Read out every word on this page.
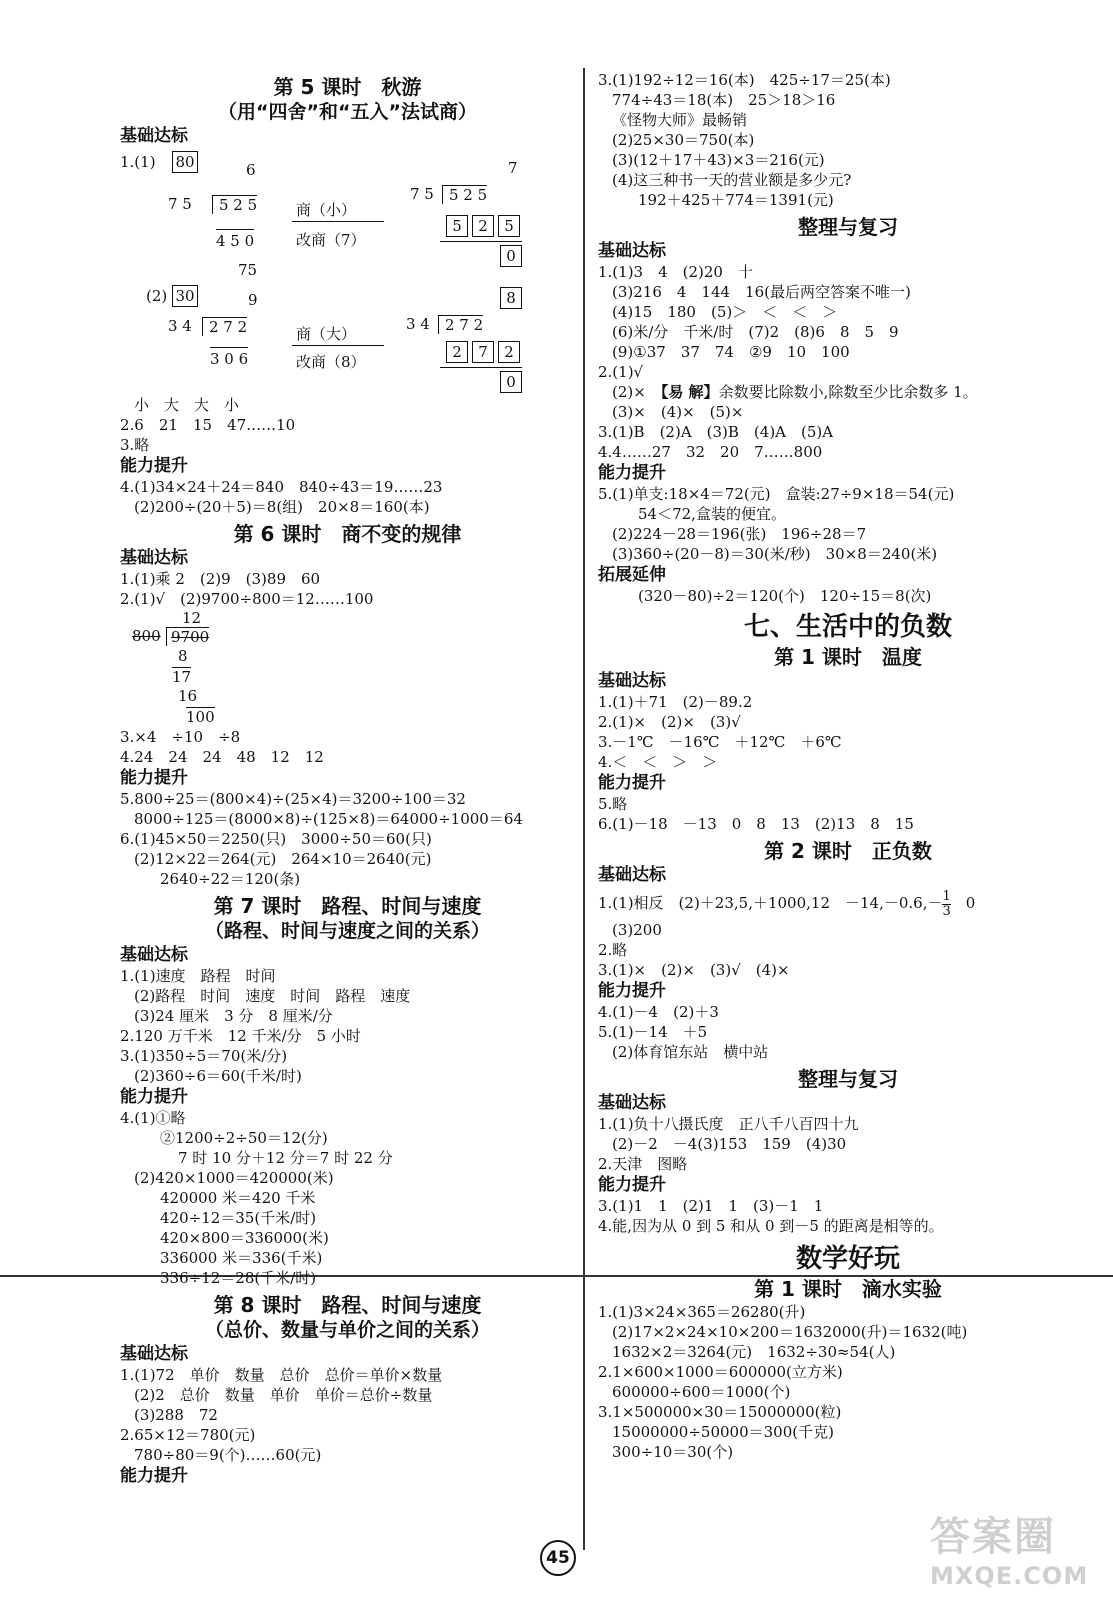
第 5 课时　秋游
（用“四舍”和“五入”法试商）
基础达标
1.(1) 80	6
7 5	5 2 5
4 5 0
75
商（小）
改商（7）
7
7 5	5 2 5
5	2	5
0
(2) 30	9
3 4	2 7 2
3 0 6
商（大）
改商（8）
8
3 4	2 7 2
2	7	2
0
小　大　大　小
2.6　21　15　47……10
3.略
能力提升
4.(1)34×24＋24＝840　840÷43＝19……23
(2)200÷(20＋5)＝8(组)　20×8＝160(本)
第 6 课时　商不变的规律
基础达标
1.(1)乘 2　(2)9　(3)89　60
2.(1)√　(2)9700÷800＝12……100
12
800 9700
8
17
16
100
3.×4　÷10　÷8
4.24　24　24　48　12　12
能力提升
5.800÷25＝(800×4)÷(25×4)＝3200÷100＝32
8000÷125＝(8000×8)÷(125×8)＝64000÷1000＝64
6.(1)45×50＝2250(只)　3000÷50＝60(只)
(2)12×22＝264(元)　264×10＝2640(元)
2640÷22＝120(条)
第 7 课时　路程、时间与速度
（路程、时间与速度之间的关系）
基础达标
1.(1)速度　路程　时间
(2)路程　时间　速度　时间　路程　速度
(3)24 厘米　3 分　8 厘米/分
2.120 万千米　12 千米/分　5 小时
3.(1)350÷5＝70(米/分)
(2)360÷6＝60(千米/时)
能力提升
4.(1)①略
②1200÷2÷50＝12(分)
7 时 10 分＋12 分＝7 时 22 分
(2)420×1000＝420000(米)
420000 米＝420 千米
420÷12＝35(千米/时)
420×800＝336000(米)
336000 米＝336(千米)
336÷12＝28(千米/时)
第 8 课时　路程、时间与速度
（总价、数量与单价之间的关系）
基础达标
1.(1)72　单价　数量　总价　总价＝单价×数量
(2)2　总价　数量　单价　单价＝总价÷数量
(3)288　72
2.65×12＝780(元)
780÷80＝9(个)……60(元)
能力提升
3.(1)192÷12＝16(本)　425÷17＝25(本)
774÷43＝18(本)　25＞18＞16
《怪物大师》最畅销
(2)25×30＝750(本)
(3)(12＋17＋43)×3＝216(元)
(4)这三种书一天的营业额是多少元?
192＋425＋774＝1391(元)
整理与复习
基础达标
1.(1)3　4　(2)20　十
(3)216　4　144　16(最后两空答案不唯一)
(4)15　180　(5)＞　＜　＜　＞
(6)米/分　千米/时　(7)2　(8)6　8　5　9
(9)①37　37　74　②9　10　100
2.(1)√
(2)×　【易 解】余数要比除数小,除数至少比余数多 1。
(3)×　(4)×　(5)×
3.(1)B　(2)A　(3)B　(4)A　(5)A
4.4……27　32　20　7……800
能力提升
5.(1)单支:18×4＝72(元)　盒装:27÷9×18＝54(元)
54＜72,盒装的便宜。
(2)224－28＝196(张)　196÷28＝7
(3)360÷(20－8)＝30(米/秒)　30×8＝240(米)
拓展延伸
(320－80)÷2＝120(个)　120÷15＝8(次)
七、生活中的负数
第 1 课时　温度
基础达标
1.(1)＋71　(2)－89.2
2.(1)×　(2)×　(3)√
3.－1℃　－16℃　＋12℃　＋6℃
4.＜　＜　＞　＞
能力提升
5.略
6.(1)－18　－13　0　8　13　(2)13　8　15
第 2 课时　正负数
基础达标
1.(1)相反　(2)＋23,5,＋1000,12　$-14,-0.6,- \frac{1}{3}$ 　0
(3)200
2.略
3.(1)×　(2)×　(3)√　(4)×
能力提升
4.(1)－4　(2)＋3
5.(1)－14　＋5
(2)体育馆东站　横中站
整理与复习
基础达标
1.(1)负十八摄氏度　正八千八百四十九
(2)－2　－4(3)153　159　(4)30
2.天津　图略
能力提升
3.(1)1　1　(2)1　1　(3)－1　1
4.能,因为从 0 到 5 和从 0 到－5 的距离是相等的。
数学好玩
第 1 课时　滴水实验
1.(1)3×24×365＝26280(升)
(2)17×2×24×10×200＝1632000(升)＝1632(吨)
1632×2＝3264(元)　1632÷30≈54(人)
2.1×600×1000＝600000(立方米)
600000÷600＝1000(个)
3.1×500000×30＝15000000(粒)
15000000÷50000＝300(千克)
300÷10＝30(个)
45	答案圈
MXQE.COM
